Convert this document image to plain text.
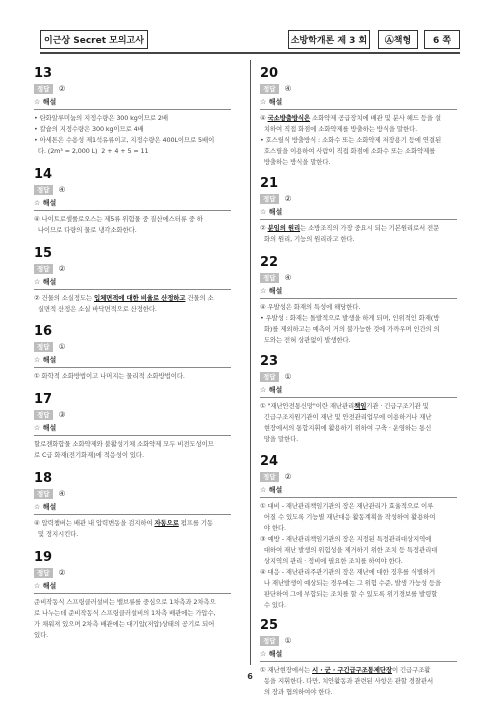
이근상 Secret 모의고사	소방학개론 제 3 회	Ⓐ책형	6 쪽
13
정답	②
☆ 해설

• 탄화알루미늄의 지정수량은 300 kg이므로 2배

• 칼슘의 지정수량은 300 kg이므로 4배

• 아세톤은 수용성 제1석유류이고, 지정수량은 400L이므로 5배이

다. (2m³ = 2,000 L)  2 + 4 + 5 = 11

14
정답	④
☆ 해설

④ 나이트로셀룰로오스는 제5류 위험물 중 질산에스터류 중 하

나이므로 다량의 물로 냉각소화한다.

15
정답	②
☆ 해설

② 건물의 소실정도는 입체면적에 대한 비율로 산정하고 건물의 소

실면적 산정은 소실 바닥면적으로 산정한다.

16
정답	①
☆ 해설

① 화학적 소화방법이고 나머지는 물리적 소화방법이다.

17
정답	③
☆ 해설

할로젠화합물 소화약제와 불활성기체 소화약제 모두 비전도성이므

로 C급 화재(전기화재)에 적응성이 있다.

18
정답	④
☆ 해설

④ 압력챔버는 배관 내 압력변동을 검지하여 자동으로 펌프를 기동

및 정지시킨다.

19
정답	②
☆ 해설

준비작동식 스프링클러설비는 밸브류를 중심으로 1차측과 2차측으

로 나누는데 준비작동식 스프링클러설비의 1차측 배관에는 가압수,

가 채워져 있으며 2차측 배관에는 대기압(저압)상태의 공기로 되어

있다.

20
정답	④
☆ 해설

④ 국소방출방식은 소화약제 공급장치에 배관 및 분사 헤드 등을 설

치하여 직접 화점에 소화약제를 방출하는 방식을 말한다.

• 호스릴식 방출방식 : 소화수 또는 소화약제 저장용기 등에 연결된

호스릴을 이용하여 사람이 직접 화점에 소화수 또는 소화약제를

방출하는 방식을 말한다.

21
정답	②
☆ 해설

② 분임의 원리는 소방조직의 가장 중요시 되는 기본원리로서 전문

화의 원리, 기능의 원리라고 한다.

22
정답	④
☆ 해설

④ 우발성은 화재의 특성에 해당한다.

• 우발성 : 화재는 돌발적으로 발생을 하게 되며, 인위적인 화재(방

화)를 제외하고는 예측이 거의 불가능한 것에 가까우며 인간의 의

도와는 전혀 상관없이 발생한다.

23
정답	①
☆ 해설

① "재난안전통신망"이란 재난관리책임기관 · 긴급구조기관 및

긴급구조지원기관이 재난 및 안전관리업무에 이용하거나 재난

현장에서의 통합지휘에 활용하기 위하여 구축 · 운영하는 통신

망을 말한다.

24
정답	②
☆ 해설

① 대비 - 재난관리책임기관의 장은 재난관리가 효율적으로 이루

어질 수 있도록 기능별 재난대응 활동계획을 작성하여 활용하여

야 한다.

③ 예방 - 재난관리책임기관의 장은 지정된 특정관리대상지역에

대하여 재난 발생의 위험성을 제거하기 위한 조치 등 특정관리대

상지역의 관리 · 정비에 필요한 조치를 하여야 한다.

④ 대응 - 재난관리주관기관의 장은 재난에 대한 징후를 식별하거

나 재난발생이 예상되는 경우에는 그 위험 수준, 발생 가능성 등을

판단하여 그에 부합되는 조치를 할 수 있도록 위기경보를 발령할

수 있다.

25
정답	①
☆ 해설

① 재난현장에서는 시 · 군 · 구긴급구조통제단장이 긴급구조활

동을 지휘한다. 다만, 치안활동과 관련된 사항은 관할 경찰관서

의 장과 협의하여야 한다.

6
